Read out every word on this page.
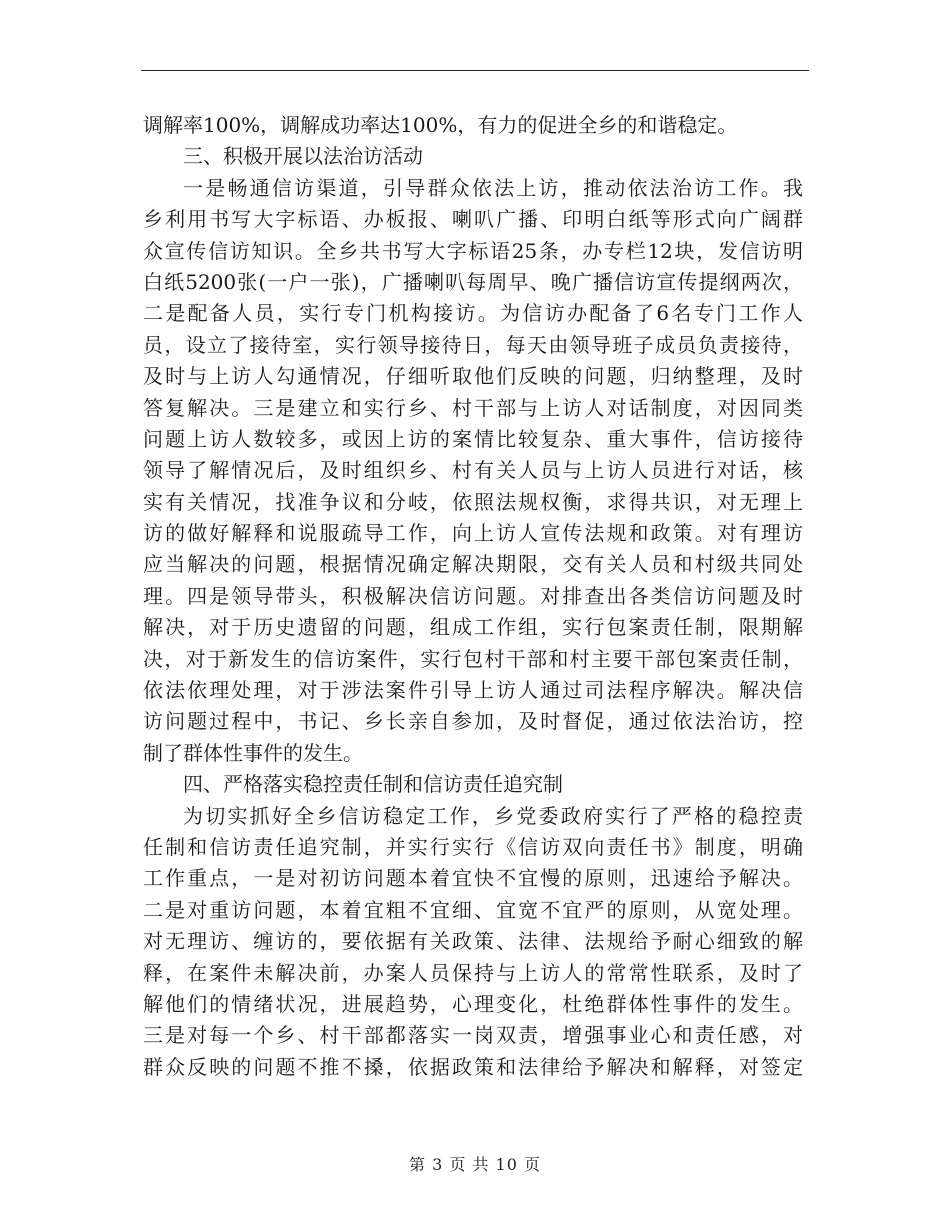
调解率100%，调解成功率达100%，有力的促进全乡的和谐稳定。
三、积极开展以法治访活动
一是畅通信访渠道，引导群众依法上访，推动依法治访工作。我
乡利用书写大字标语、办板报、喇叭广播、印明白纸等形式向广阔群
众宣传信访知识。全乡共书写大字标语25条，办专栏12块，发信访明
白纸5200张(一户一张)，广播喇叭每周早、晚广播信访宣传提纲两次，
二是配备人员，实行专门机构接访。为信访办配备了6名专门工作人
员，设立了接待室，实行领导接待日，每天由领导班子成员负责接待，
及时与上访人勾通情况，仔细听取他们反映的问题，归纳整理，及时
答复解决。三是建立和实行乡、村干部与上访人对话制度，对因同类
问题上访人数较多，或因上访的案情比较复杂、重大事件，信访接待
领导了解情况后，及时组织乡、村有关人员与上访人员进行对话，核
实有关情况，找准争议和分岐，依照法规权衡，求得共识，对无理上
访的做好解释和说服疏导工作，向上访人宣传法规和政策。对有理访
应当解决的问题，根据情况确定解决期限，交有关人员和村级共同处
理。四是领导带头，积极解决信访问题。对排查出各类信访问题及时
解决，对于历史遗留的问题，组成工作组，实行包案责任制，限期解
决，对于新发生的信访案件，实行包村干部和村主要干部包案责任制，
依法依理处理，对于涉法案件引导上访人通过司法程序解决。解决信
访问题过程中，书记、乡长亲自参加，及时督促，通过依法治访，控
制了群体性事件的发生。
四、严格落实稳控责任制和信访责任追究制
为切实抓好全乡信访稳定工作，乡党委政府实行了严格的稳控责
任制和信访责任追究制，并实行实行《信访双向责任书》制度，明确
工作重点，一是对初访问题本着宜快不宜慢的原则，迅速给予解决。
二是对重访问题，本着宜粗不宜细、宜宽不宜严的原则，从宽处理。
对无理访、缠访的，要依据有关政策、法律、法规给予耐心细致的解
释，在案件未解决前，办案人员保持与上访人的常常性联系，及时了
解他们的情绪状况，进展趋势，心理变化，杜绝群体性事件的发生。
三是对每一个乡、村干部都落实一岗双责，增强事业心和责任感，对
群众反映的问题不推不搡，依据政策和法律给予解决和解释，对签定
第 3 页 共 10 页
